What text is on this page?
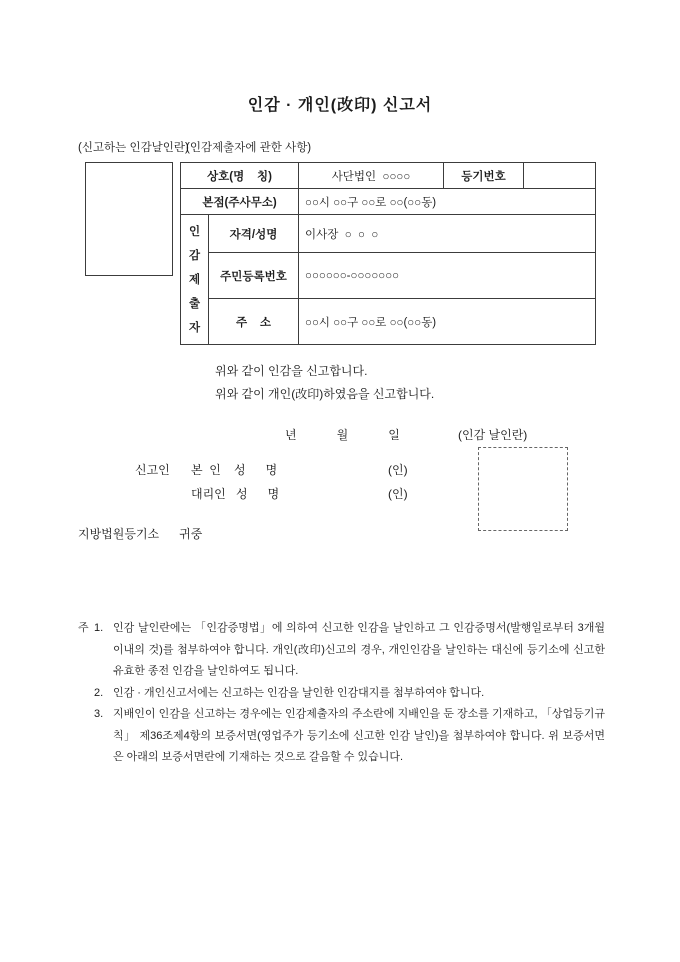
인감 · 개인(改印) 신고서
(신고하는 인감날인란)
(인감제출자에 관한 사항)
상호(명    칭)		사단법인  ○○○○	등기번호	
본점(주사무소)		○○시 ○○구 ○○로 ○○(○○동)		
인감제출자	자격/성명	이사장  ○  ○  ○		
	주민등록번호	○○○○○○-○○○○○○○		
	주    소	○○시 ○○구 ○○로 ○○(○○동)		
위와 같이 인감을 신고합니다.
위와 같이 개인(改印)하였음을 신고합니다.
년            월            일	(인감 날인란)
신고인 본  인 성      명	(인)
대리인 성      명	(인)
지방법원등기소      귀중
주 1. 인감 날인란에는 「인감증명법」에 의하여 신고한 인감을 날인하고 그 인감증명서(발행일로부터 3개월 이내의 것)를 첨부하여야 합니다. 개인(改印)신고의 경우, 개인인감을 날인하는 대신에 등기소에 신고한 유효한 종전 인감을 날인하여도 됩니다.
2. 인감 · 개인신고서에는 신고하는 인감을 날인한 인감대지를 첨부하여야 합니다.
3. 지배인이 인감을 신고하는 경우에는 인감제출자의 주소란에 지배인을 둔 장소를 기재하고, 「상업등기규칙」 제36조제4항의 보증서면(영업주가 등기소에 신고한 인감 날인)을 첨부하여야 합니다. 위 보증서면은 아래의 보증서면란에 기재하는 것으로 갈음할 수 있습니다.
